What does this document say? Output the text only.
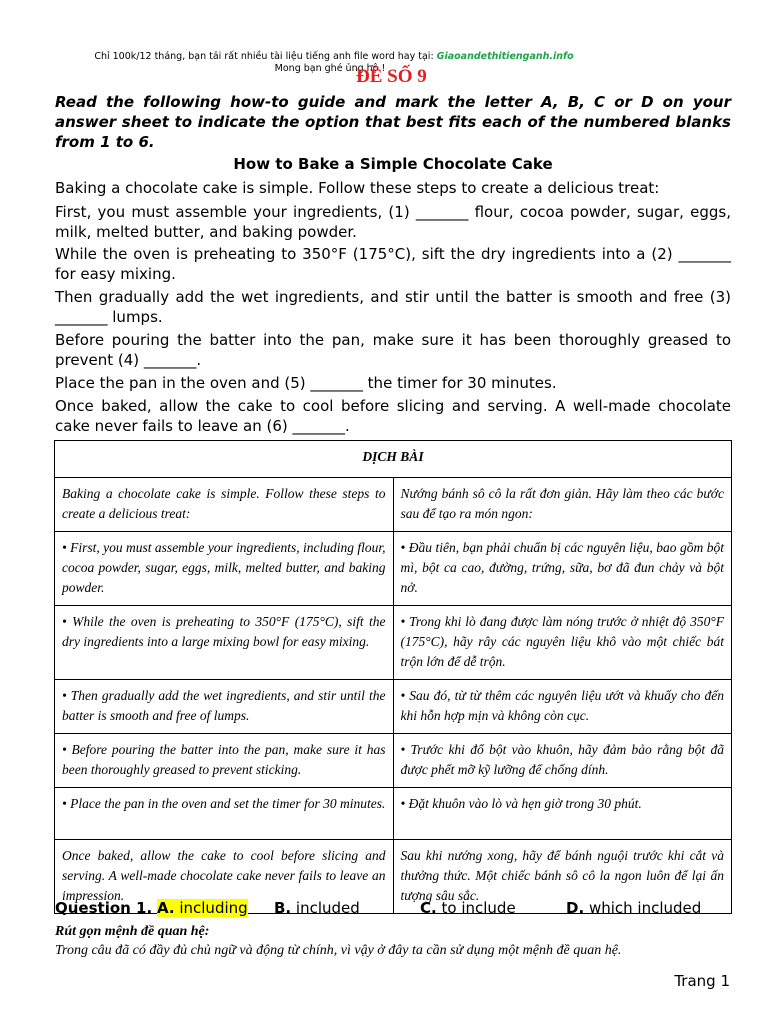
Chỉ 100k/12 tháng, bạn tải rất nhiều tài liệu tiếng anh file word hay tại: Giaoandethitienganh.info
Mong bạn ghé ủng hộ !
ĐỀ SỐ 9
Read the following how-to guide and mark the letter A, B, C or D on your answer sheet to indicate the option that best fits each of the numbered blanks from 1 to 6.
How to Bake a Simple Chocolate Cake
Baking a chocolate cake is simple. Follow these steps to create a delicious treat:
First, you must assemble your ingredients, (1) _______ flour, cocoa powder, sugar, eggs, milk, melted butter, and baking powder.
While the oven is preheating to 350°F (175°C), sift the dry ingredients into a (2) _______ for easy mixing.
Then gradually add the wet ingredients, and stir until the batter is smooth and free (3) _______ lumps.
Before pouring the batter into the pan, make sure it has been thoroughly greased to prevent (4) _______.
Place the pan in the oven and (5) _______ the timer for 30 minutes.
Once baked, allow the cake to cool before slicing and serving. A well-made chocolate cake never fails to leave an (6) _______.
DỊCH BÀI	
Baking a chocolate cake is simple. Follow these steps to create a delicious treat:	Nướng bánh sô cô la rất đơn giản. Hãy làm theo các bước sau để tạo ra món ngon:
• First, you must assemble your ingredients, including flour, cocoa powder, sugar, eggs, milk, melted butter, and baking powder.	• Đầu tiên, bạn phải chuẩn bị các nguyên liệu, bao gồm bột mì, bột ca cao, đường, trứng, sữa, bơ đã đun chảy và bột nở.
• While the oven is preheating to 350°F (175°C), sift the dry ingredients into a large mixing bowl for easy mixing.	• Trong khi lò đang được làm nóng trước ở nhiệt độ 350°F (175°C), hãy rây các nguyên liệu khô vào một chiếc bát trộn lớn để dễ trộn.
• Then gradually add the wet ingredients, and stir until the batter is smooth and free of lumps.	• Sau đó, từ từ thêm các nguyên liệu ướt và khuấy cho đến khi hỗn hợp mịn và không còn cục.
• Before pouring the batter into the pan, make sure it has been thoroughly greased to prevent sticking.	• Trước khi đổ bột vào khuôn, hãy đảm bảo rằng bột đã được phết mỡ kỹ lưỡng để chống dính.
• Place the pan in the oven and set the timer for 30 minutes.	• Đặt khuôn vào lò và hẹn giờ trong 30 phút.
Once baked, allow the cake to cool before slicing and serving. A well-made chocolate cake never fails to leave an impression.	Sau khi nướng xong, hãy để bánh nguội trước khi cắt và thưởng thức. Một chiếc bánh sô cô la ngon luôn để lại ấn tượng sâu sắc.
Question 1. A. including B. included	C. to include	D. which included
Rút gọn mệnh đề quan hệ:
Trong câu đã có đầy đủ chủ ngữ và động từ chính, vì vậy ở đây ta cần sử dụng một mệnh đề quan hệ.
Trang 1
